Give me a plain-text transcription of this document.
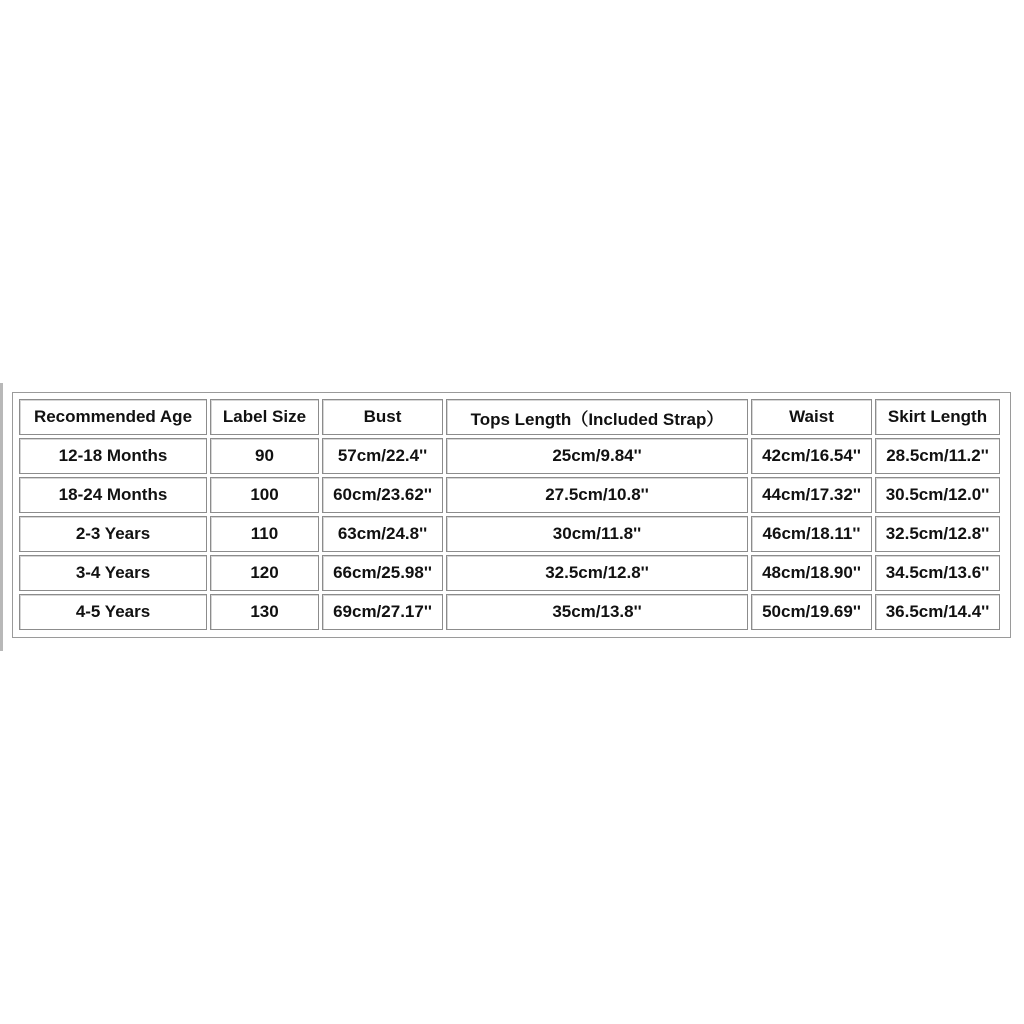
Recommended Age	Label Size	Bust	Tops Length（Included Strap）	Waist	Skirt Length
12-18 Months	90	57cm/22.4''	25cm/9.84''	42cm/16.54''	28.5cm/11.2''
18-24 Months	100	60cm/23.62''	27.5cm/10.8''	44cm/17.32''	30.5cm/12.0''
2-3 Years	110	63cm/24.8''	30cm/11.8''	46cm/18.11''	32.5cm/12.8''
3-4 Years	120	66cm/25.98''	32.5cm/12.8''	48cm/18.90''	34.5cm/13.6''
4-5 Years	130	69cm/27.17''	35cm/13.8''	50cm/19.69''	36.5cm/14.4''
